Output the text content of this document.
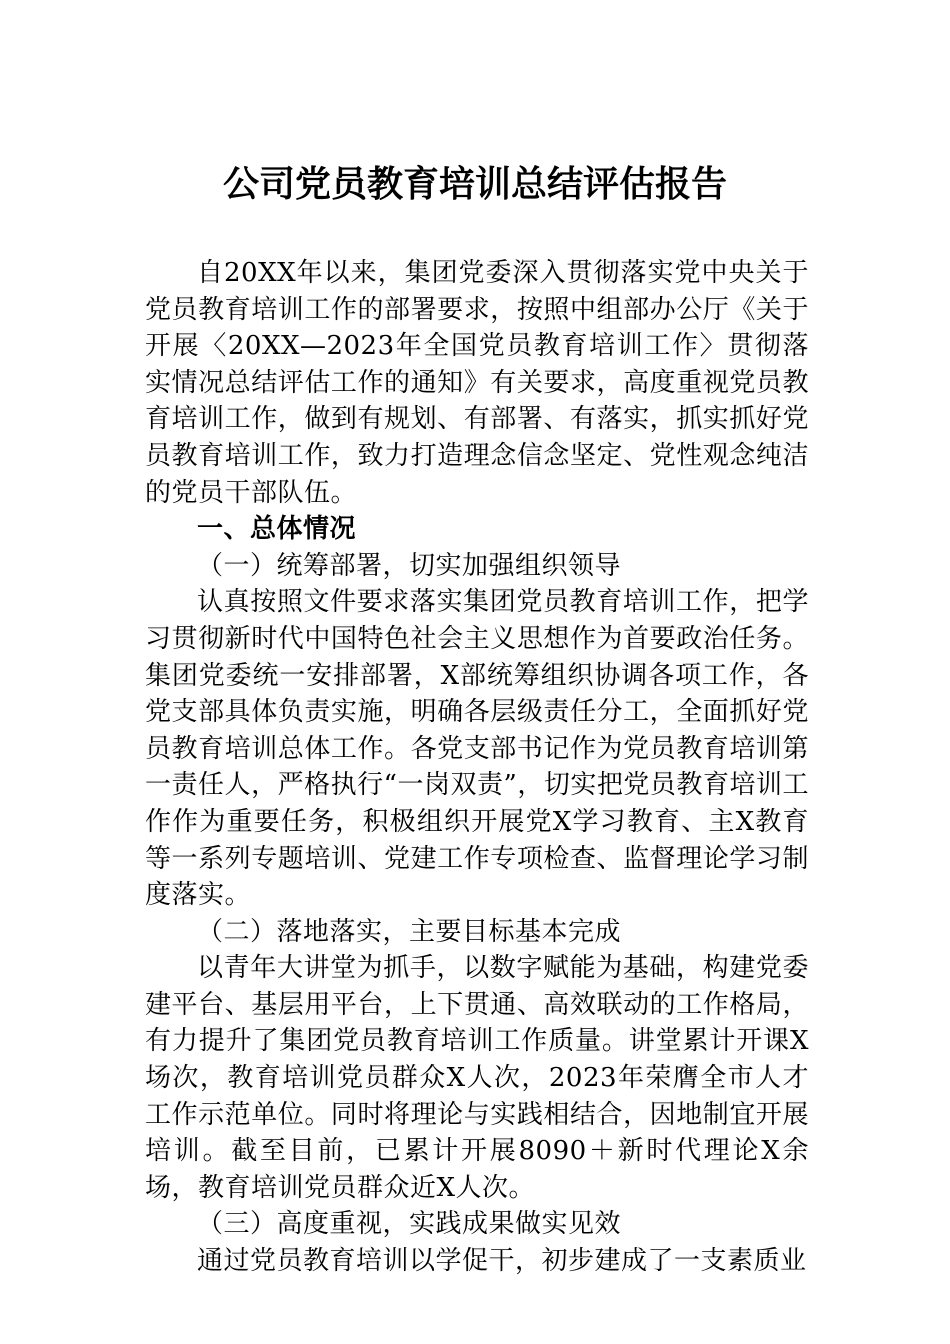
公司党员教育培训总结评估报告

自20XX年以来，集团党委深入贯彻落实党中央关于党员教育培训工作的部署要求，按照中组部办公厅《关于开展〈20XX—2023年全国党员教育培训工作〉贯彻落实情况总结评估工作的通知》有关要求，高度重视党员教育培训工作，做到有规划、有部署、有落实，抓实抓好党员教育培训工作，致力打造理念信念坚定、党性观念纯洁的党员干部队伍。

一、总体情况

（一）统筹部署，切实加强组织领导

认真按照文件要求落实集团党员教育培训工作，把学习贯彻新时代中国特色社会主义思想作为首要政治任务。集团党委统一安排部署，X部统筹组织协调各项工作，各党支部具体负责实施，明确各层级责任分工，全面抓好党员教育培训总体工作。各党支部书记作为党员教育培训第一责任人，严格执行“一岗双责”，切实把党员教育培训工作作为重要任务，积极组织开展党X学习教育、主X教育等一系列专题培训、党建工作专项检查、监督理论学习制度落实。

（二）落地落实，主要目标基本完成

以青年大讲堂为抓手，以数字赋能为基础，构建党委建平台、基层用平台，上下贯通、高效联动的工作格局，有力提升了集团党员教育培训工作质量。讲堂累计开课X场次，教育培训党员群众X人次，2023年荣膺全市人才工作示范单位。同时将理论与实践相结合，因地制宜开展培训。截至目前，已累计开展8090＋新时代理论X余场，教育培训党员群众近X人次。

（三）高度重视，实践成果做实见效

通过党员教育培训以学促干，初步建成了一支素质业
